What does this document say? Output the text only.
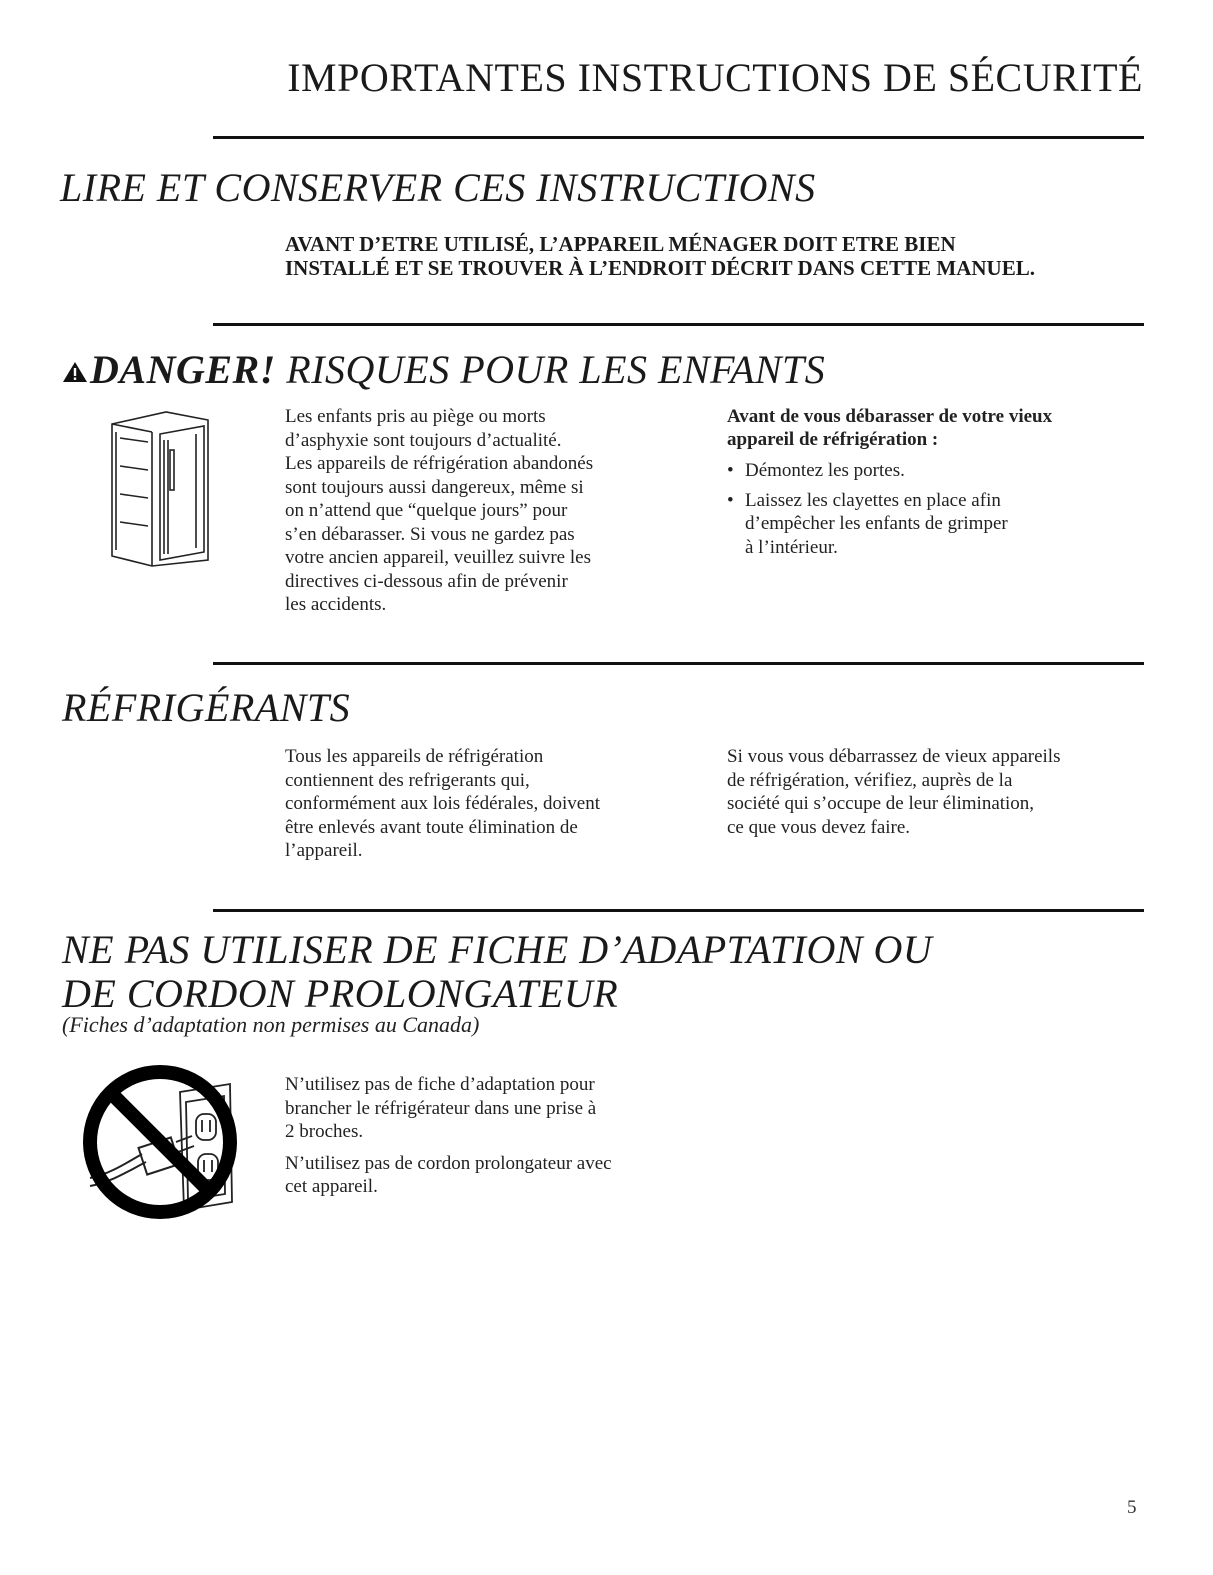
IMPORTANTES INSTRUCTIONS DE SÉCURITÉ
LIRE ET CONSERVER CES INSTRUCTIONS
AVANT D’ETRE UTILISÉ, L’APPAREIL MÉNAGER DOIT ETRE BIEN
INSTALLÉ ET SE TROUVER À L’ENDROIT DÉCRIT DANS CETTE MANUEL.
DANGER! RISQUES POUR LES ENFANTS
Les enfants pris au piège ou morts
d’asphyxie sont toujours d’actualité.
Les appareils de réfrigération abandonés
sont toujours aussi dangereux, même si
on n’attend que “quelque jours” pour
s’en débarasser. Si vous ne gardez pas
votre ancien appareil, veuillez suivre les
directives ci-dessous afin de prévenir
les accidents.
Avant de vous débarasser de votre vieux
appareil de réfrigération :
• Démontez les portes.
• Laissez les clayettes en place afin
d’empêcher les enfants de grimper
à l’intérieur.
RÉFRIGÉRANTS
Tous les appareils de réfrigération
contiennent des refrigerants qui,
conformément aux lois fédérales, doivent
être enlevés avant toute élimination de
l’appareil.
Si vous vous débarrassez de vieux appareils
de réfrigération, vérifiez, auprès de la
société qui s’occupe de leur élimination,
ce que vous devez faire.
NE PAS UTILISER DE FICHE D’ADAPTATION OU
DE CORDON PROLONGATEUR
(Fiches d’adaptation non permises au Canada)
N’utilisez pas de fiche d’adaptation pour
brancher le réfrigérateur dans une prise à
2 broches.
N’utilisez pas de cordon prolongateur avec
cet appareil.
5
